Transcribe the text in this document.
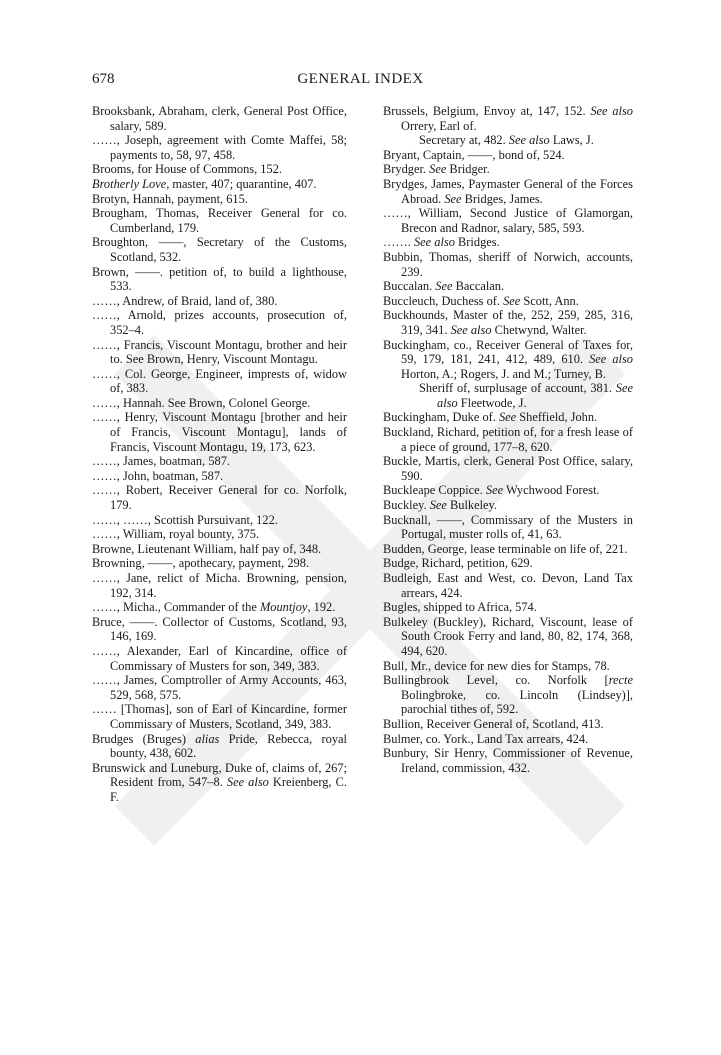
678	GENERAL INDEX

Brooksbank, Abraham, clerk, General Post Office, salary, 589.

……, Joseph, agreement with Comte Maffei, 58; payments to, 58, 97, 458.

Brooms, for House of Commons, 152.

Brotherly Love, master, 407; quarantine, 407.

Brotyn, Hannah, payment, 615.

Brougham, Thomas, Receiver General for co. Cumberland, 179.

Broughton, ——, Secretary of the Customs, Scotland, 532.

Brown, ——. petition of, to build a lighthouse, 533.

……, Andrew, of Braid, land of, 380.

……, Arnold, prizes accounts, prosecution of, 352–4.

……, Francis, Viscount Montagu, brother and heir to. See Brown, Henry, Viscount Montagu.

……, Col. George, Engineer, imprests of, widow of, 383.

……, Hannah. See Brown, Colonel George.

……, Henry, Viscount Montagu [brother and heir of Francis, Viscount Montagu], lands of Francis, Viscount Montagu, 19, 173, 623.

……, James, boatman, 587.

……, John, boatman, 587.

……, Robert, Receiver General for co. Norfolk, 179.

……, ……, Scottish Pursuivant, 122.

……, William, royal bounty, 375.

Browne, Lieutenant William, half pay of, 348.

Browning, ——, apothecary, payment, 298.

……, Jane, relict of Micha. Browning, pension, 192, 314.

……, Micha., Commander of the Mountjoy, 192.

Bruce, ——. Collector of Customs, Scotland, 93, 146, 169.

……, Alexander, Earl of Kincardine, office of Commissary of Musters for son, 349, 383.

……, James, Comptroller of Army Accounts, 463, 529, 568, 575.

…… [Thomas], son of Earl of Kincardine, former Commissary of Musters, Scotland, 349, 383.

Brudges (Bruges) alias Pride, Rebecca, royal bounty, 438, 602.

Brunswick and Luneburg, Duke of, claims of, 267; Resident from, 547–8. See also Kreienberg, C. F.

Brussels, Belgium, Envoy at, 147, 152. See also Orrery, Earl of.

Secretary at, 482. See also Laws, J.

Bryant, Captain, ——, bond of, 524.

Brydger. See Bridger.

Brydges, James, Paymaster General of the Forces Abroad. See Bridges, James.

……, William, Second Justice of Glamorgan, Brecon and Radnor, salary, 585, 593.

……. See also Bridges.

Bubbin, Thomas, sheriff of Norwich, accounts, 239.

Buccalan. See Baccalan.

Buccleuch, Duchess of. See Scott, Ann.

Buckhounds, Master of the, 252, 259, 285, 316, 319, 341. See also Chetwynd, Walter.

Buckingham, co., Receiver General of Taxes for, 59, 179, 181, 241, 412, 489, 610. See also Horton, A.; Rogers, J. and M.; Turney, B.

Sheriff of, surplusage of account, 381. See also Fleetwode, J.

Buckingham, Duke of. See Sheffield, John.

Buckland, Richard, petition of, for a fresh lease of a piece of ground, 177–8, 620.

Buckle, Martis, clerk, General Post Office, salary, 590.

Buckleape Coppice. See Wychwood Forest.

Buckley. See Bulkeley.

Bucknall, ——, Commissary of the Musters in Portugal, muster rolls of, 41, 63.

Budden, George, lease terminable on life of, 221.

Budge, Richard, petition, 629.

Budleigh, East and West, co. Devon, Land Tax arrears, 424.

Bugles, shipped to Africa, 574.

Bulkeley (Buckley), Richard, Viscount, lease of South Crook Ferry and land, 80, 82, 174, 368, 494, 620.

Bull, Mr., device for new dies for Stamps, 78.

Bullingbrook Level, co. Norfolk [recte Bolingbroke, co. Lincoln (Lindsey)], parochial tithes of, 592.

Bullion, Receiver General of, Scotland, 413.

Bulmer, co. York., Land Tax arrears, 424.

Bunbury, Sir Henry, Commissioner of Revenue, Ireland, commission, 432.
